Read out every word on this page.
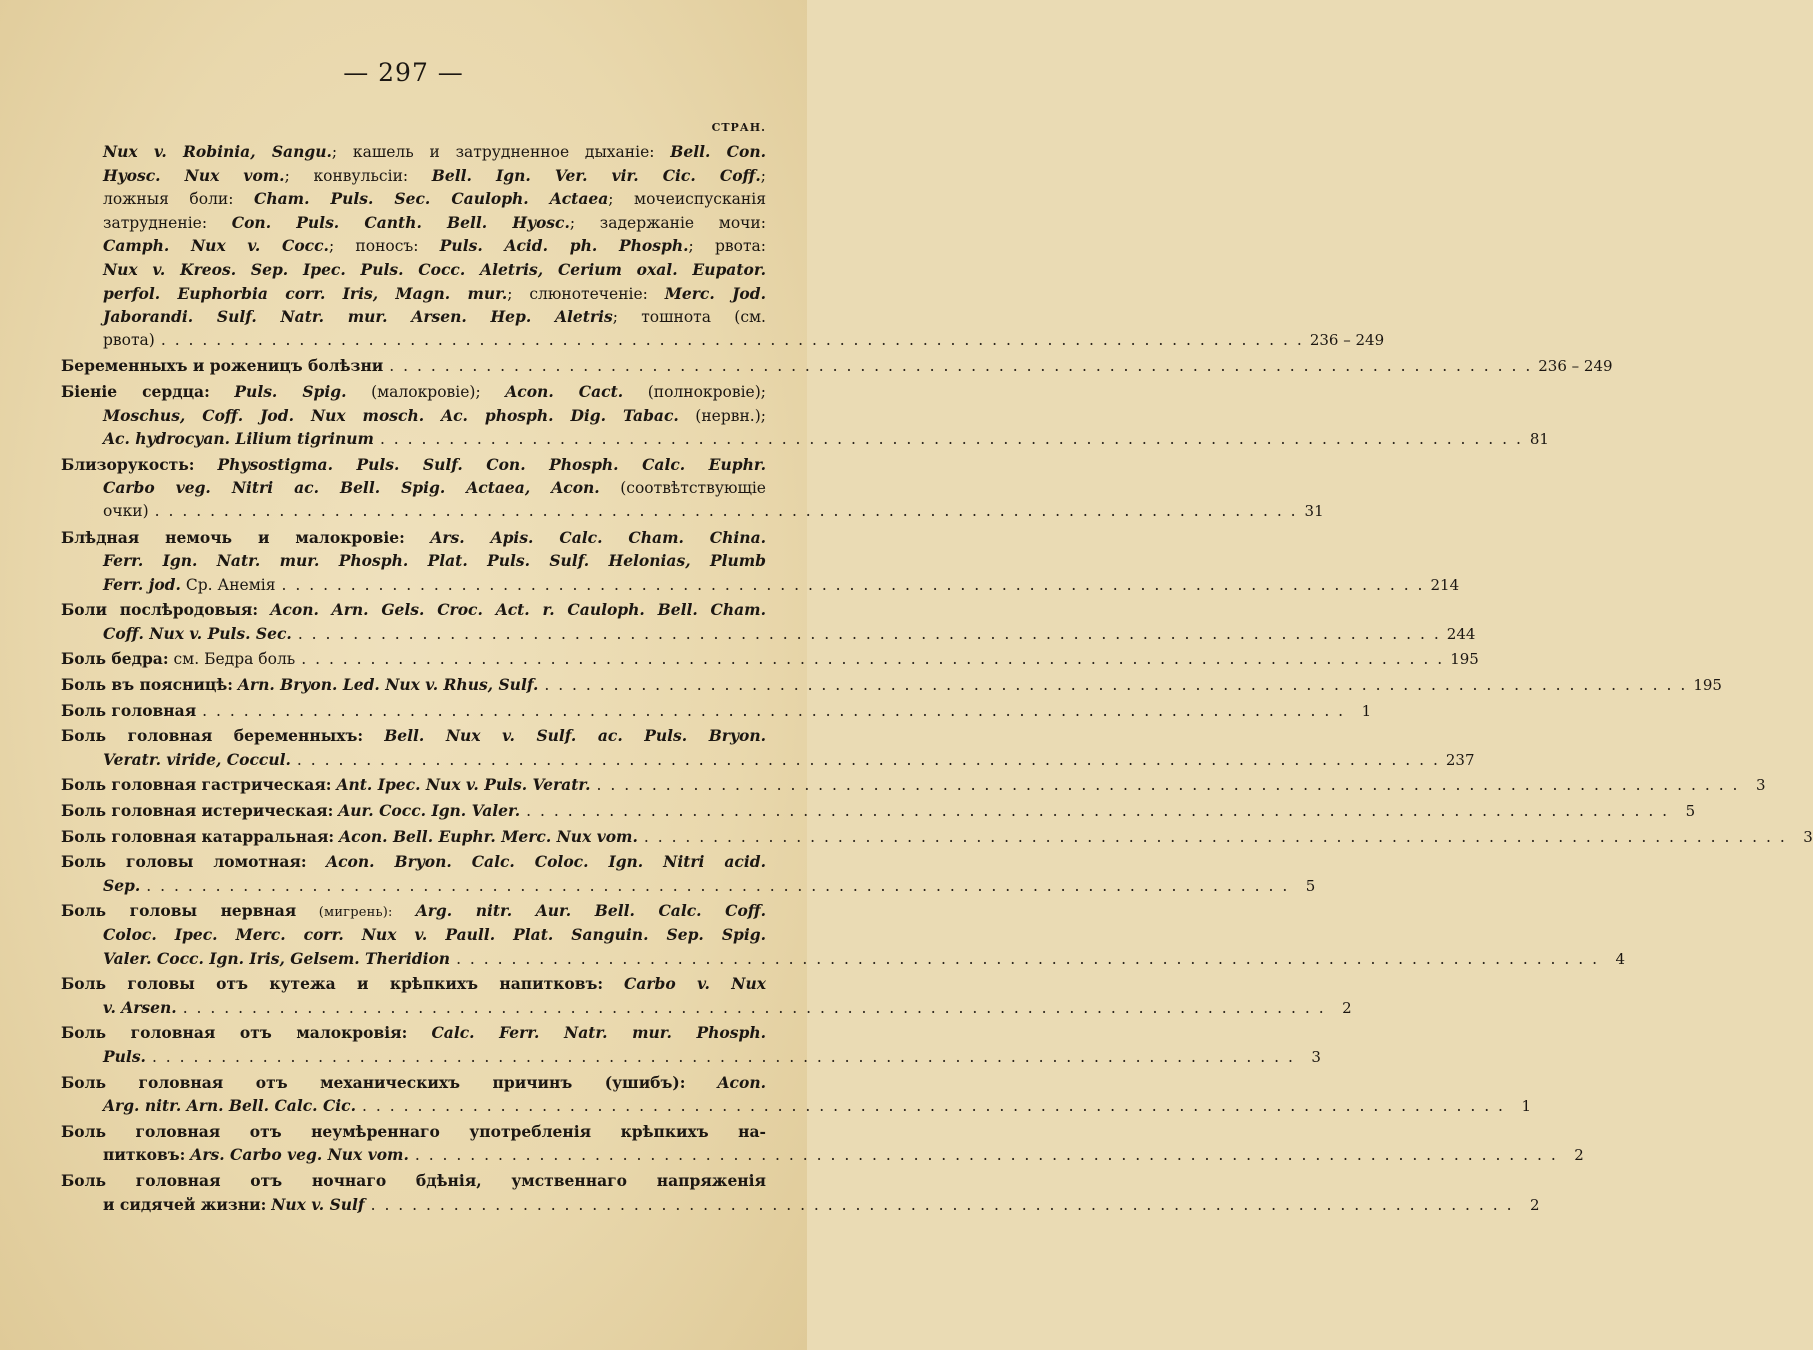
— 297 —
СТРАН.
Nux v. Robinia, Sangu.; кашель и затрудненное дыханіе: Bell. Con.
Hyosc. Nux vom.; конвульсіи: Bell. Ign. Ver. vir. Cic. Coff.;
ложныя боли: Cham. Puls. Sec. Cauloph. Actaea; мочеиспусканія
затрудненіе: Con. Puls. Canth. Bell. Hyosc.; задержаніе мочи:
Camph. Nux v. Cocc.; поносъ: Puls. Acid. ph. Phosph.; рвота:
Nux v. Kreos. Sep. Ipec. Puls. Cocc. Aletris, Cerium oxal. Eupator.
perfol. Euphorbia corr. Iris, Magn. mur.; слюнотеченіе: Merc. Jod.
Jaborandi. Sulf. Natr. mur. Arsen. Hep. Aletris; тошнота (см.
рвота) . . .	236 – 249
Беременныхъ и роженицъ болѣзни . . .	236 – 249
Біеніе сердца: Puls. Spig. (малокровіе); Acon. Cact. (полнокровіе);
Moschus, Coff. Jod. Nux mosch. Ac. phosph. Dig. Tabac. (нервн.);
Ac. hydrocyan. Lilium tigrinum . . .	81
Близорукость: Physostigma. Puls. Sulf. Con. Phosph. Calc. Euphr.
Carbo veg. Nitri ac. Bell. Spig. Actaea, Acon. (соотвѣтствующіе
очки) . . .	31
Блѣдная немочь и малокровіе: Ars. Apis. Calc. Cham. China.
Ferr. Ign. Natr. mur. Phosph. Plat. Puls. Sulf. Helonias, Plumb
Ferr. jod. Ср. Анемія . . .	214
Боли послѣродовыя: Acon. Arn. Gels. Croc. Act. r. Cauloph. Bell. Cham.
Coff. Nux v. Puls. Sec. . . .	244
Боль бедра: см. Бедра боль . . .	195
Боль въ поясницѣ: Arn. Bryon. Led. Nux v. Rhus, Sulf. . . .	195
Боль головная . . .	1
Боль головная беременныхъ: Bell. Nux v. Sulf. ac. Puls. Bryon.
Veratr. viride, Coccul. . . .	237
Боль головная гастрическая: Ant. Ipec. Nux v. Puls. Veratr. . . .	3
Боль головная истерическая: Aur. Cocc. Ign. Valer. . . .	5
Боль головная катарральная: Acon. Bell. Euphr. Merc. Nux vom. . . .	3
Боль головы ломотная: Acon. Bryon. Calc. Coloc. Ign. Nitri acid.
Sep. . . .	5
Боль головы нервная (мигрень): Arg. nitr. Aur. Bell. Calc. Coff.
Coloc. Ipec. Merc. corr. Nux v. Paull. Plat. Sanguin. Sep. Spig.
Valer. Cocc. Ign. Iris, Gelsem. Theridion . . .	4
Боль головы отъ кутежа и крѣпкихъ напитковъ: Carbo v. Nux
v. Arsen. . . .	2
Боль головная отъ малокровія: Calc. Ferr. Natr. mur. Phosph.
Puls. . . .	3
Боль головная отъ механическихъ причинъ (ушибъ): Acon.
Arg. nitr. Arn. Bell. Calc. Cic. . . .	1
Боль головная отъ неумѣреннаго употребленія крѣпкихъ на-
питковъ: Ars. Carbo veg. Nux vom. . . .	2
Боль головная отъ ночнаго бдѣнія, умственнаго напряженія
и сидячей жизни: Nux v. Sulf . . .	2
